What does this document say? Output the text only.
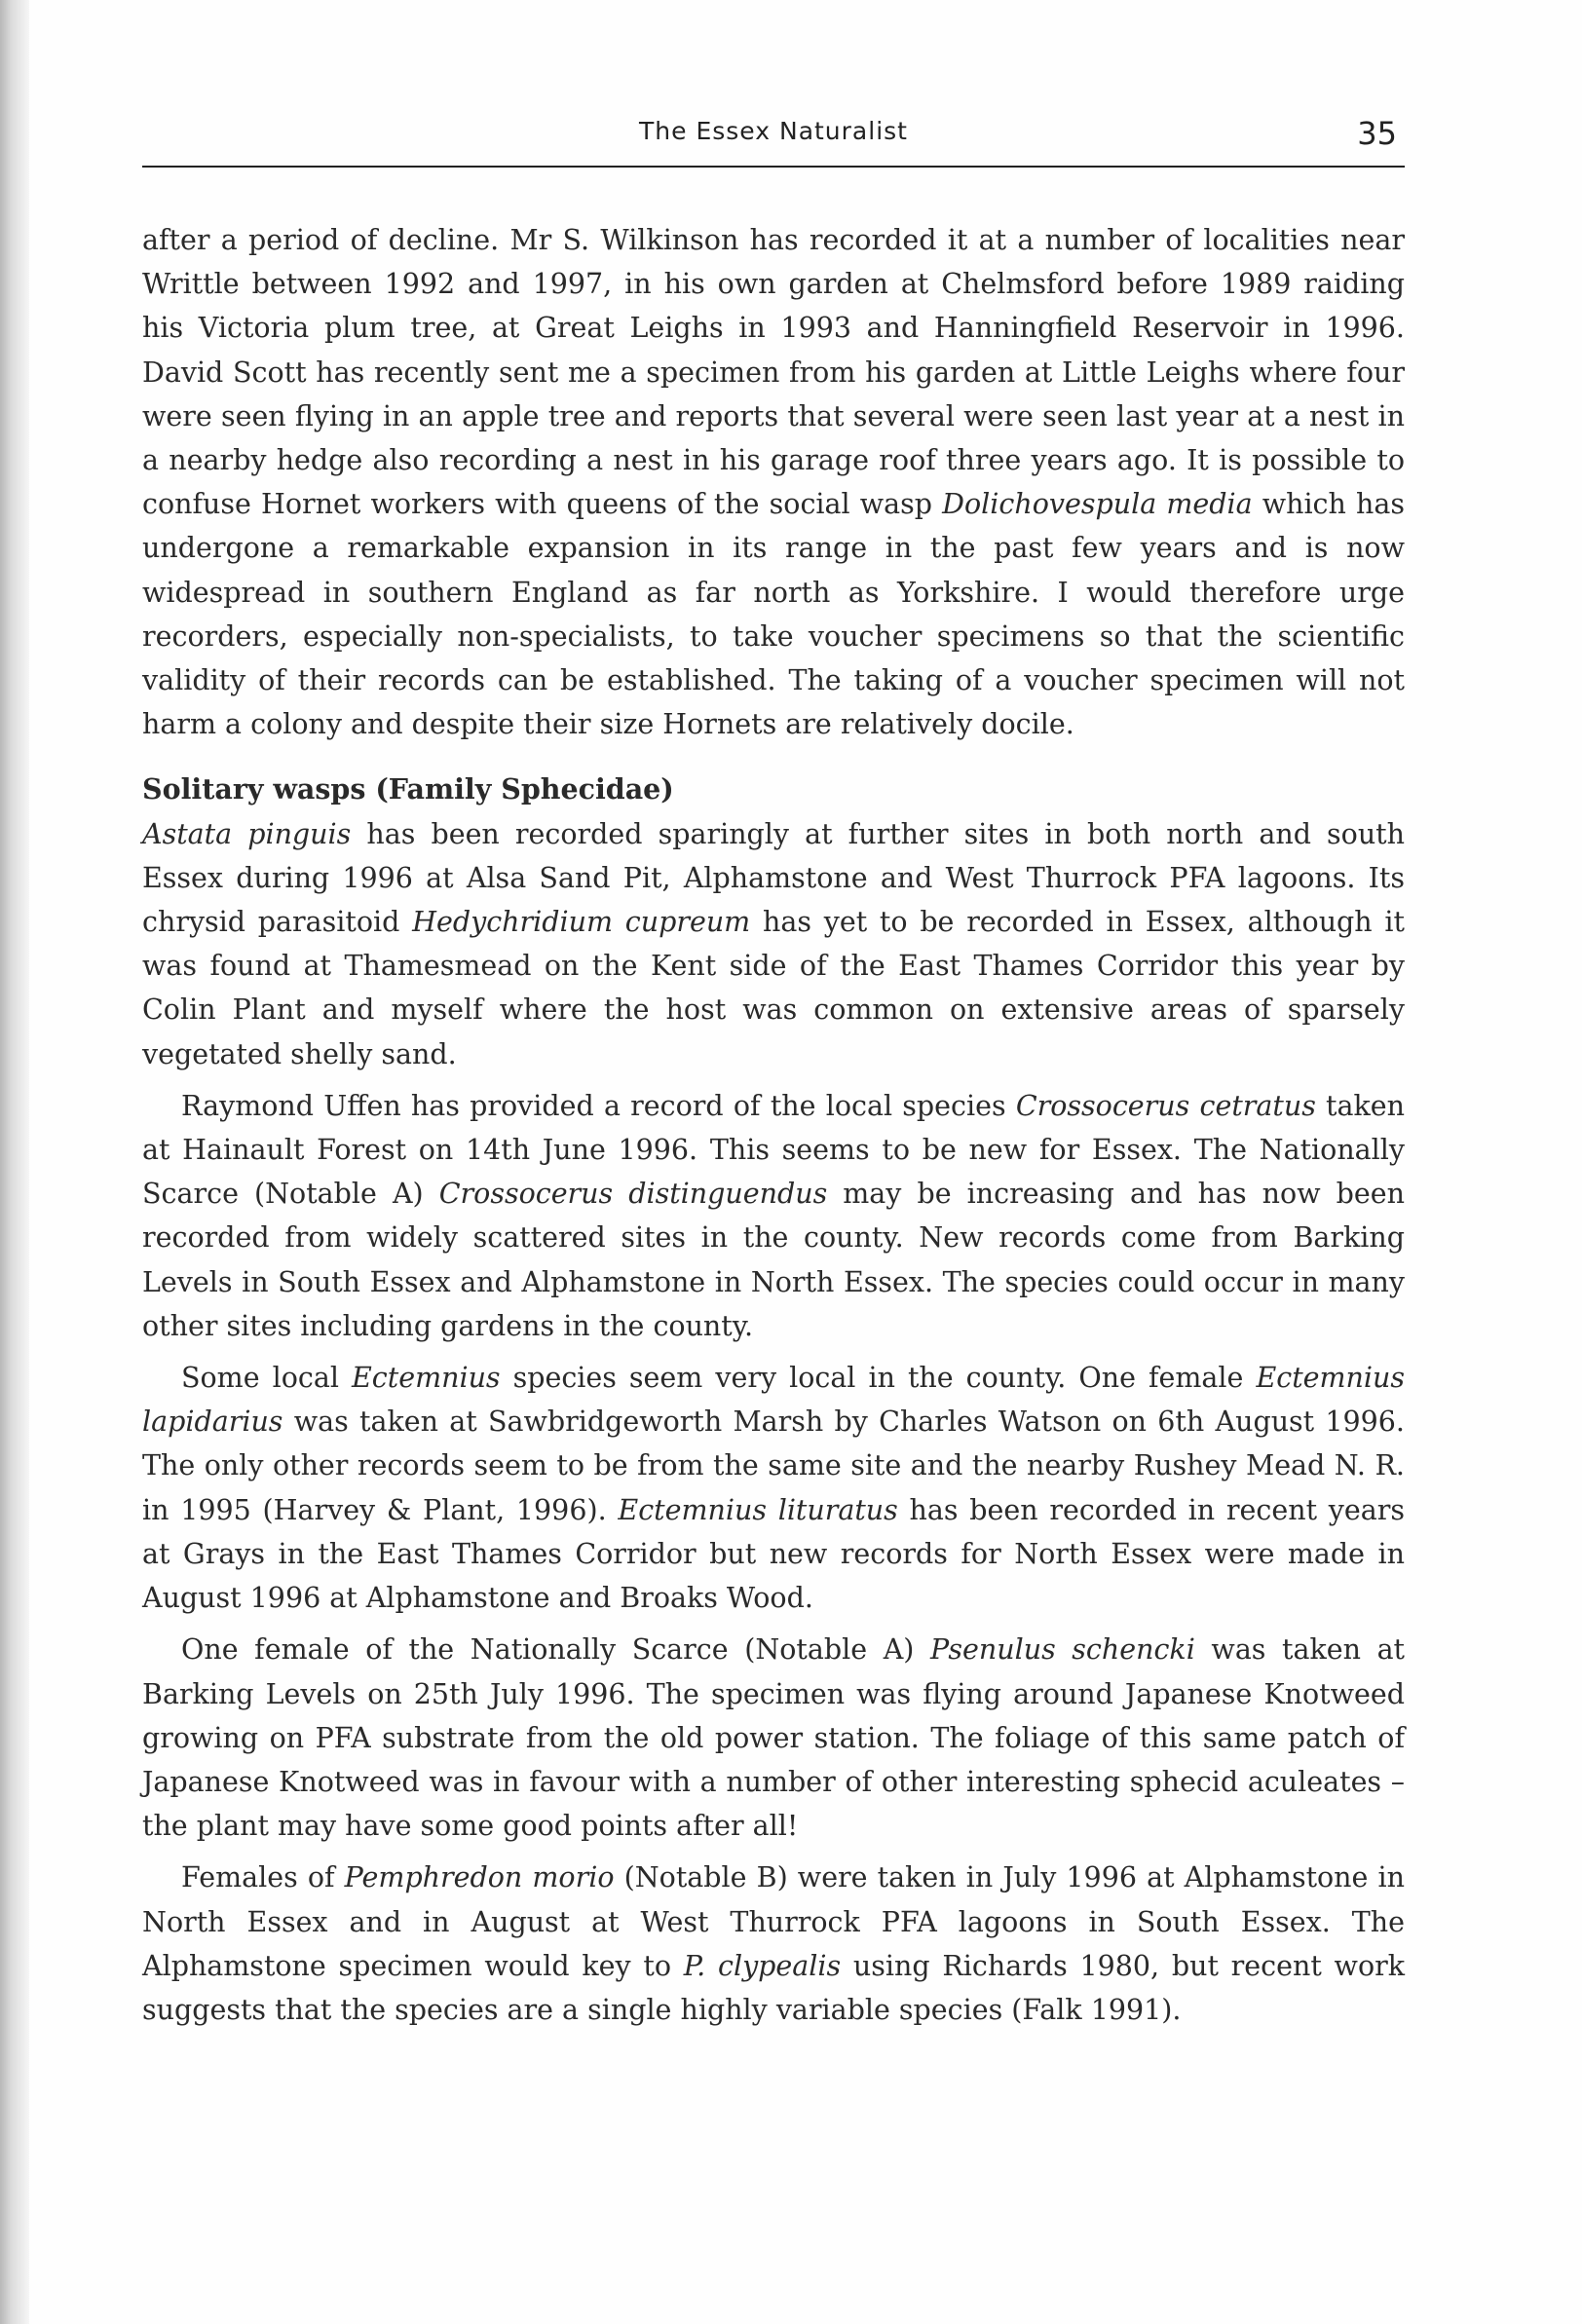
The Essex Naturalist	35

after a period of decline. Mr S. Wilkinson has recorded it at a number of localities near Writtle between 1992 and 1997, in his own garden at Chelmsford before 1989 raiding his Victoria plum tree, at Great Leighs in 1993 and Hanningfield Reservoir in 1996. David Scott has recently sent me a specimen from his garden at Little Leighs where four were seen flying in an apple tree and reports that several were seen last year at a nest in a nearby hedge also recording a nest in his garage roof three years ago. It is possible to confuse Hornet workers with queens of the social wasp Dolichovespula media which has undergone a remarkable expansion in its range in the past few years and is now widespread in southern England as far north as Yorkshire. I would therefore urge recorders, especially non-specialists, to take voucher specimens so that the scientific validity of their records can be established. The taking of a voucher specimen will not harm a colony and despite their size Hornets are relatively docile.

Solitary wasps (Family Sphecidae)

Astata pinguis has been recorded sparingly at further sites in both north and south Essex during 1996 at Alsa Sand Pit, Alphamstone and West Thurrock PFA lagoons. Its chrysid parasitoid Hedychridium cupreum has yet to be recorded in Essex, although it was found at Thamesmead on the Kent side of the East Thames Corridor this year by Colin Plant and myself where the host was common on extensive areas of sparsely vegetated shelly sand.

Raymond Uffen has provided a record of the local species Crossocerus cetratus taken at Hainault Forest on 14th June 1996. This seems to be new for Essex. The Nationally Scarce (Notable A) Crossocerus distinguendus may be increasing and has now been recorded from widely scattered sites in the county. New records come from Barking Levels in South Essex and Alphamstone in North Essex. The species could occur in many other sites including gardens in the county.

Some local Ectemnius species seem very local in the county. One female Ectemnius lapidarius was taken at Sawbridgeworth Marsh by Charles Watson on 6th August 1996. The only other records seem to be from the same site and the nearby Rushey Mead N. R. in 1995 (Harvey & Plant, 1996). Ectemnius lituratus has been recorded in recent years at Grays in the East Thames Corridor but new records for North Essex were made in August 1996 at Alphamstone and Broaks Wood.

One female of the Nationally Scarce (Notable A) Psenulus schencki was taken at Barking Levels on 25th July 1996. The specimen was flying around Japanese Knotweed growing on PFA substrate from the old power station. The foliage of this same patch of Japanese Knotweed was in favour with a number of other interesting sphecid aculeates – the plant may have some good points after all!

Females of Pemphredon morio (Notable B) were taken in July 1996 at Alphamstone in North Essex and in August at West Thurrock PFA lagoons in South Essex. The Alphamstone specimen would key to P. clypealis using Richards 1980, but recent work suggests that the species are a single highly variable species (Falk 1991).
